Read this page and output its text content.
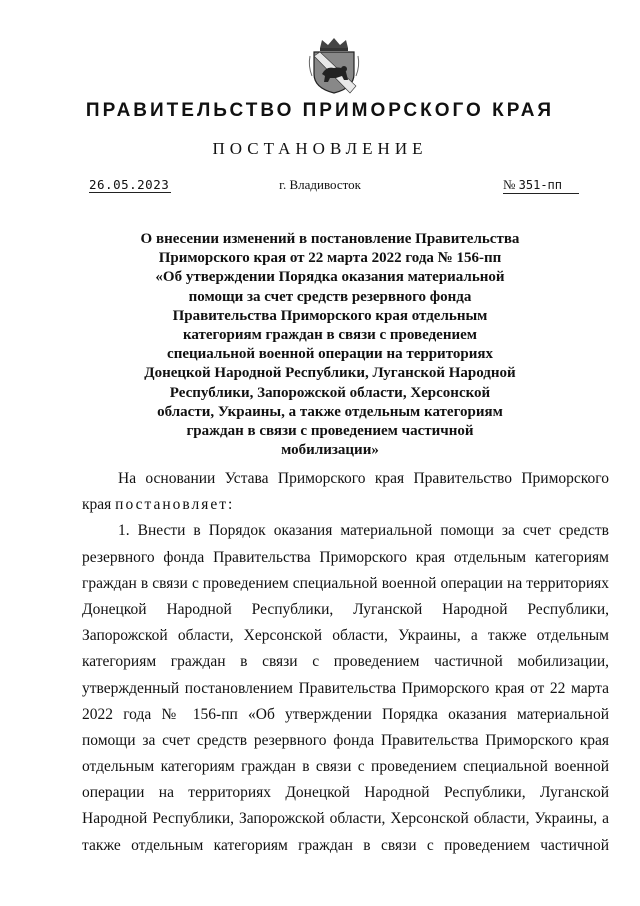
ПРАВИТЕЛЬСТВО ПРИМОРСКОГО КРАЯ
ПОСТАНОВЛЕНИЕ
26.05.2023	г. Владивосток	№ 351-пп
О внесении изменений в постановление Правительства
Приморского края от 22 марта 2022 года № 156-пп
«Об утверждении Порядка оказания материальной
помощи за счет средств резервного фонда
Правительства Приморского края отдельным
категориям граждан в связи с проведением
специальной военной операции на территориях
Донецкой Народной Республики, Луганской Народной
Республики, Запорожской области, Херсонской
области, Украины, а также отдельным категориям
граждан в связи с проведением частичной
мобилизации»
На основании Устава Приморского края Правительство Приморского
края постановляет:
1. Внести в Порядок оказания материальной помощи за счет средств
резервного фонда Правительства Приморского края отдельным категориям
граждан в связи с проведением специальной военной операции на территориях
Донецкой Народной Республики, Луганской Народной Республики,
Запорожской области, Херсонской области, Украины, а также отдельным
категориям граждан в связи с проведением частичной мобилизации,
утвержденный постановлением Правительства Приморского края от 22 марта
2022 года № 156-пп «Об утверждении Порядка оказания материальной
помощи за счет средств резервного фонда Правительства Приморского края
отдельным категориям граждан в связи с проведением специальной военной
операции на территориях Донецкой Народной Республики, Луганской
Народной Республики, Запорожской области, Херсонской области, Украины, а
также отдельным категориям граждан в связи с проведением частичной
